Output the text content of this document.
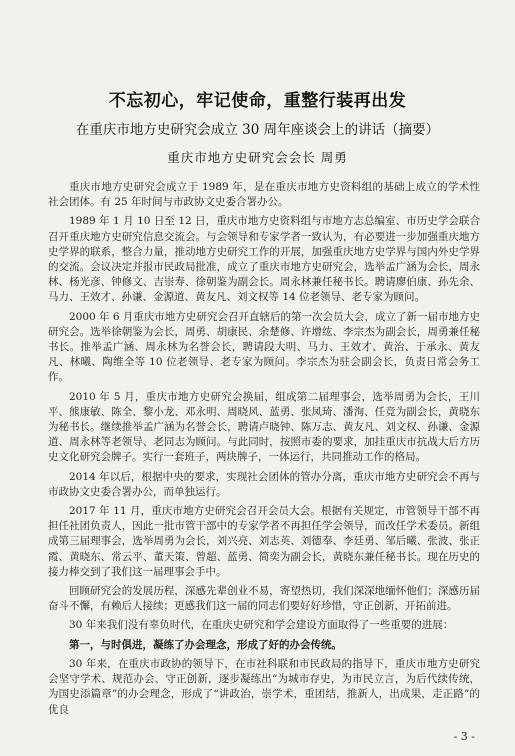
不忘初心，牢记使命，重整行装再出发
在重庆市地方史研究会成立 30 周年座谈会上的讲话（摘要）
重庆市地方史研究会会长 周勇

重庆市地方史研究会成立于 1989 年，是在重庆市地方史资料组的基础上成立的学术性社会团体。有 25 年时间与市政协文史委合署办公。

1989 年 1 月 10 日至 12 日，重庆市地方史资料组与市地方志总编室、市历史学会联合召开重庆地方史研究信息交流会。与会领导和专家学者一致认为，有必要进一步加强重庆地方史学界的联系，整合力量，推动地方史研究工作的开展，加强重庆地方史学界与国内外史学界的交流。会议决定并报市民政局批准，成立了重庆市地方史研究会，选举孟广涵为会长，周永林、杨光彦、钟修文、吉崇寿、徐朝鉴为副会长。周永林兼任秘书长。聘请廖伯康、孙先余、马力、王效才、孙谦、金源道、黄友凡、刘文权等 14 位老领导、老专家为顾问。

2000 年 6 月重庆市地方史研究会召开直辖后的第一次会员大会，成立了新一届市地方史研究会。选举徐朝鉴为会长，周勇、胡康民、余楚修、许增纮、李宗杰为副会长，周勇兼任秘书长。推举孟广涵、周永林为名誉会长，聘请段大明、马力、王效才、黄治、于承永、黄友凡、林曦、陶维全等 10 位老领导、老专家为顾问。李宗杰为驻会副会长，负责日常会务工作。

2010 年 5 月，重庆市地方史研究会换届，组成第二届理事会，选举周勇为会长，王川平、熊康敏、陈全、黎小龙、邓永明、周晓风、蓝勇、张凤琦、潘洵、任竞为副会长，黄晓东为秘书长。继续推举孟广涵为名誉会长，聘请卢晓钟、陈万志、黄友凡、刘文权、孙谦、金源道、周永林等老领导、老同志为顾问。与此同时，按照市委的要求，加挂重庆市抗战大后方历史文化研究会牌子。实行一套班子，两块牌子，一体运行，共同推动工作的格局。

2014 年以后，根据中央的要求，实现社会团体的管办分离，重庆市地方史研究会不再与市政协文史委合署办公，而单独运行。

2017 年 11 月，重庆市地方史研究会召开会员大会。根据有关规定，市管领导干部不再担任社团负责人，因此一批市管干部中的专家学者不再担任学会领导，而改任学术委员。新组成第三届理事会，选举周勇为会长，刘兴亮、刘志英、刘德奉、李廷勇、邹后曦、张波、张正霞、黄晓东、常云平、董天策、曾超、蓝勇、简奕为副会长，黄晓东兼任秘书长。现在历史的接力棒交到了我们这一届理事会手中。

回顾研究会的发展历程，深感先辈创业不易，寄望热切，我们深深地缅怀他们；深感历届奋斗不懈，有赖后人接续；更感我们这一届的同志们要好好珍惜，守正创新，开拓前进。

30 年来我们没有辜负时代，在重庆史研究和学会建设方面取得了一些重要的进展：

第一，与时俱进，凝练了办会理念，形成了好的办会传统。

30 年来，在重庆市政协的领导下，在市社科联和市民政局的指导下，重庆市地方史研究会坚守学术、规范办会、守正创新，逐步凝练出“为城市存史，为市民立言，为后代续传统，为国史添篇章”的办会理念，形成了“讲政治，崇学术，重团结，推新人，出成果，走正路”的优良

- 3 -
